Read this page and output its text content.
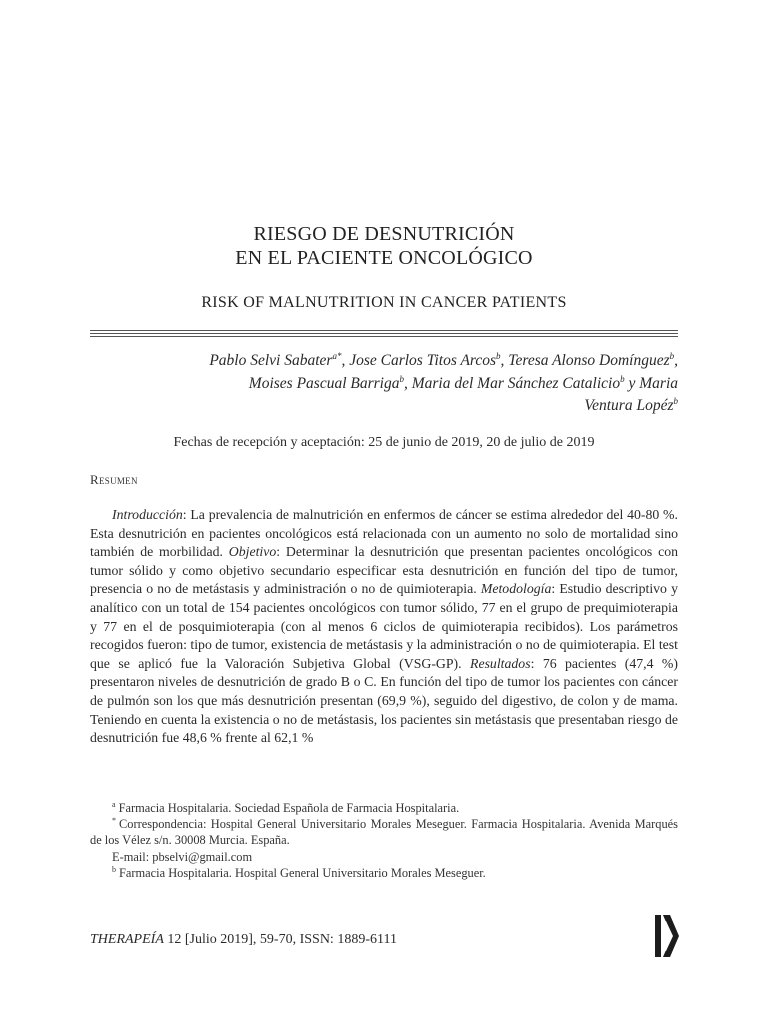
RIESGO DE DESNUTRICIÓN
EN EL PACIENTE ONCOLÓGICO
RISK OF MALNUTRITION IN CANCER PATIENTS
Pablo Selvi Sabater$^{a*}$, Jose Carlos Titos Arcos$^b$, Teresa Alonso Domínguez$^b$,
Moises Pascual Barriga$^b$, Maria del Mar Sánchez Catalicio$^b$ y Maria
Ventura Lopéz$^b$
Fechas de recepción y aceptación: 25 de junio de 2019, 20 de julio de 2019
Resumen

Introducción: La prevalencia de malnutrición en enfermos de cáncer se estima alrededor del 40-80 %. Esta desnutrición en pacientes oncológicos está relacionada con un aumento no solo de mortalidad sino también de morbilidad. Objetivo: Determinar la desnutrición que presentan pacientes oncológicos con tumor sólido y como objetivo secundario especificar esta desnutrición en función del tipo de tumor, presencia o no de metástasis y administración o no de quimioterapia. Metodología: Estudio descriptivo y analítico con un total de 154 pacientes oncológicos con tumor sólido, 77 en el grupo de prequimioterapia y 77 en el de posquimioterapia (con al menos 6 ciclos de quimioterapia recibidos). Los parámetros recogidos fueron: tipo de tumor, existencia de metástasis y la administración o no de quimioterapia. El test que se aplicó fue la Valoración Subjetiva Global (VSG-GP). Resultados: 76 pacientes (47,4 %) presentaron niveles de desnutrición de grado B o C. En función del tipo de tumor los pacientes con cáncer de pulmón son los que más desnutrición presentan (69,9 %), seguido del digestivo, de colon y de mama. Teniendo en cuenta la existencia o no de metástasis, los pacientes sin metástasis que presentaban riesgo de desnutrición fue 48,6 % frente al 62,1 %

$^a$ Farmacia Hospitalaria. Sociedad Española de Farmacia Hospitalaria.

* Correspondencia: Hospital General Universitario Morales Meseguer. Farmacia Hospitalaria. Avenida Marqués de los Vélez s/n. 30008 Murcia. España.

E-mail: pbselvi@gmail.com

$^b$ Farmacia Hospitalaria. Hospital General Universitario Morales Meseguer.

THERAPEÍA 12 [Julio 2019], 59-70, ISSN: 1889-6111
